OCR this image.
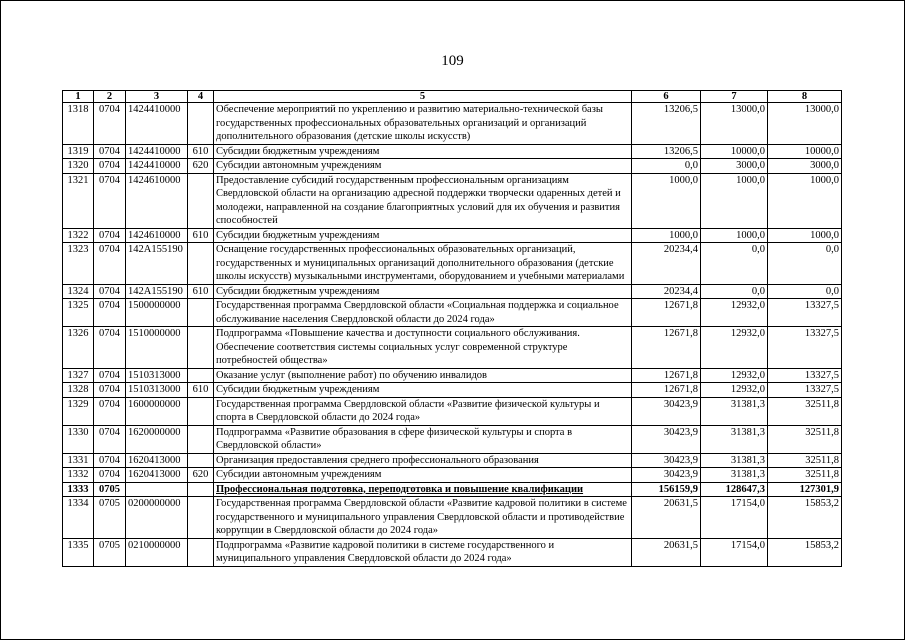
109
1	2	3	4	5	6	7	8
1318	0704	1424410000		Обеспечение мероприятий по укреплению и развитию материально-технической базы государственных профессиональных образовательных организаций и организаций дополнительного образования (детские школы искусств)	13206,5	13000,0	13000,0
1319	0704	1424410000	610	Субсидии бюджетным учреждениям	13206,5	10000,0	10000,0
1320	0704	1424410000	620	Субсидии автономным учреждениям	0,0	3000,0	3000,0
1321	0704	1424610000		Предоставление субсидий государственным профессиональным организациям Свердловской области на организацию адресной поддержки творчески одаренных детей и молодежи, направленной на создание благоприятных условий для их обучения и развития способностей	1000,0	1000,0	1000,0
1322	0704	1424610000	610	Субсидии бюджетным учреждениям	1000,0	1000,0	1000,0
1323	0704	142A155190		Оснащение государственных профессиональных образовательных организаций, государственных и муниципальных организаций дополнительного образования (детские школы искусств) музыкальными инструментами, оборудованием и учебными материалами	20234,4	0,0	0,0
1324	0704	142A155190	610	Субсидии бюджетным учреждениям	20234,4	0,0	0,0
1325	0704	1500000000		Государственная программа Свердловской области «Социальная поддержка и социальное обслуживание населения Свердловской области до 2024 года»	12671,8	12932,0	13327,5
1326	0704	1510000000		Подпрограмма «Повышение качества и доступности социального обслуживания. Обеспечение соответствия системы социальных услуг современной структуре потребностей общества»	12671,8	12932,0	13327,5
1327	0704	1510313000		Оказание услуг (выполнение работ) по обучению инвалидов	12671,8	12932,0	13327,5
1328	0704	1510313000	610	Субсидии бюджетным учреждениям	12671,8	12932,0	13327,5
1329	0704	1600000000		Государственная программа Свердловской области «Развитие физической культуры и спорта в Свердловской области до 2024 года»	30423,9	31381,3	32511,8
1330	0704	1620000000		Подпрограмма «Развитие образования в сфере физической культуры и спорта в Свердловской области»	30423,9	31381,3	32511,8
1331	0704	1620413000		Организация предоставления среднего профессионального образования	30423,9	31381,3	32511,8
1332	0704	1620413000	620	Субсидии автономным учреждениям	30423,9	31381,3	32511,8
1333	0705			Профессиональная подготовка, переподготовка и повышение квалификации	156159,9	128647,3	127301,9
1334	0705	0200000000		Государственная программа Свердловской области «Развитие кадровой политики в системе государственного и муниципального управления Свердловской области и противодействие коррупции в Свердловской области до 2024 года»	20631,5	17154,0	15853,2
1335	0705	0210000000		Подпрограмма «Развитие кадровой политики в системе государственного и муниципального управления Свердловской области до 2024 года»	20631,5	17154,0	15853,2
